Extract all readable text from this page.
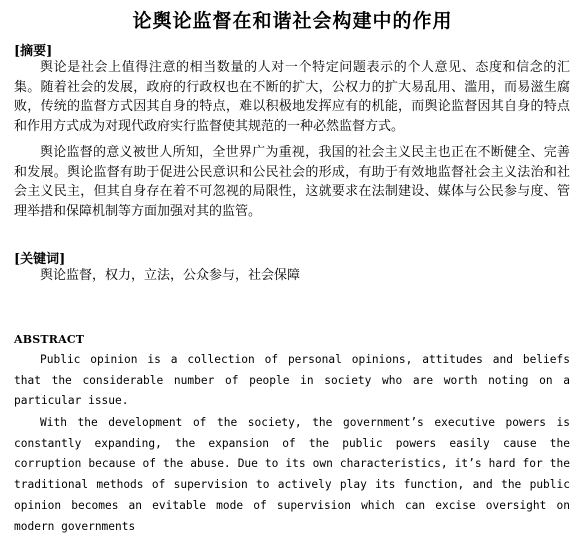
论舆论监督在和谐社会构建中的作用
[摘要]
舆论是社会上值得注意的相当数量的人对一个特定问题表示的个人意见、态度和信念的汇集。随着社会的发展，政府的行政权也在不断的扩大，公权力的扩大易乱用、滥用，而易滋生腐败，传统的监督方式因其自身的特点，难以积极地发挥应有的机能，而舆论监督因其自身的特点和作用方式成为对现代政府实行监督使其规范的一种必然监督方式。
舆论监督的意义被世人所知，全世界广为重视，我国的社会主义民主也正在不断健全、完善和发展。舆论监督有助于促进公民意识和公民社会的形成，有助于有效地监督社会主义法治和社会主义民主，但其自身存在着不可忽视的局限性，这就要求在法制建设、媒体与公民参与度、管理举措和保障机制等方面加强对其的监管。
[关键词]
舆论监督，权力，立法，公众参与，社会保障
ABSTRACT
Public opinion is a collection of personal opinions, attitudes and beliefs that the considerable number of people in society who are worth noting on a particular issue.
With the development of the society, the government’s executive powers is constantly expanding, the expansion of the public powers easily cause the corruption because of the abuse. Due to its own characteristics, it’s hard for the traditional methods of supervision to actively play its function, and the public opinion becomes an evitable mode of supervision which can excise oversight on modern governments
